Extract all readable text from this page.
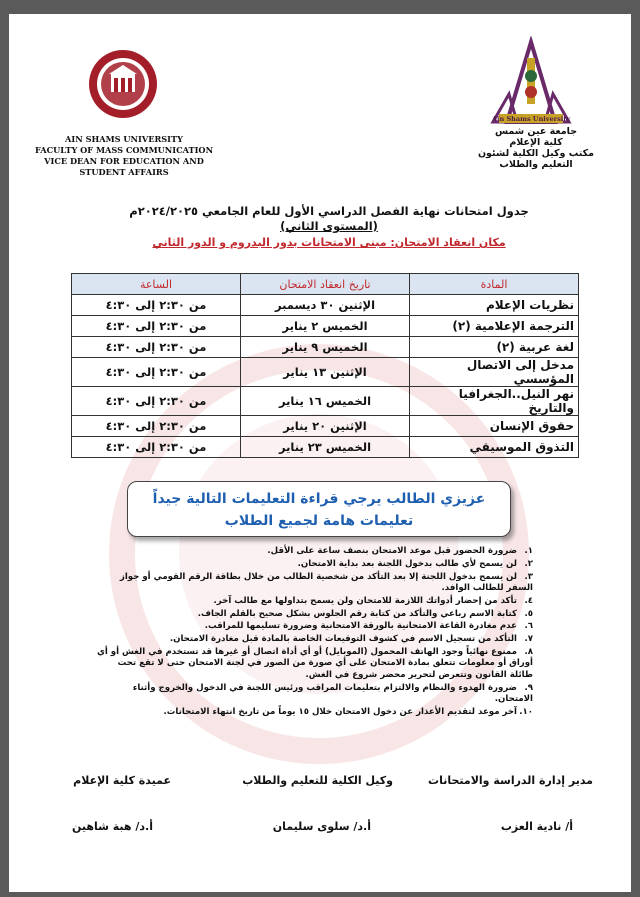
Ain Shams University
AIN SHAMS UNIVERSITY
FACULTY OF MASS COMMUNICATION
VICE DEAN FOR EDUCATION AND
STUDENT AFFAIRS
جامعة عين شمس
كلية الإعلام
مكتب وكيل الكلية لشئون
التعليم والطلاب
جدول امتحانات نهاية الفصل الدراسي الأول للعام الجامعي ٢٠٢٤/٢٠٢٥م
(المستوى الثاني)
مكان انعقاد الامتحان: مبنى الامتحانات بدور البدروم و الدور الثاني
المادة	تاريخ انعقاد الامتحان	الساعة
نظريات الإعلام	الإثنين ٣٠ ديسمبر	من ٢:٣٠ إلى ٤:٣٠
الترجمة الإعلامية (٢)	الخميس ٢ يناير	من ٢:٣٠ إلى ٤:٣٠
لغة عربية (٢)	الخميس ٩ يناير	من ٢:٣٠ إلى ٤:٣٠
مدخل إلى الاتصال المؤسسي	الإثنين ١٣ يناير	من ٢:٣٠ إلى ٤:٣٠
نهر النيل..الجغرافيا والتاريخ	الخميس ١٦ يناير	من ٢:٣٠ إلى ٤:٣٠
حقوق الإنسان	الإثنين ٢٠ يناير	من ٢:٣٠ إلى ٤:٣٠
التذوق الموسيقي	الخميس ٢٣ يناير	من ٢:٣٠ إلى ٤:٣٠
عزيزي الطالب يرجي قراءة التعليمات التالية جيداً
تعليمات هامة لجميع الطلاب
١.ضرورة الحضور قبل موعد الامتحان بنصف ساعة على الأقل.
٢.لن يسمح لأي طالب بدخول اللجنة بعد بداية الامتحان.
٣.لن يسمح بدخول اللجنة إلا بعد التأكد من شخصية الطالب من خلال بطاقة الرقم القومي أو جواز السفر للطالب الوافد.
٤.تأكد من إحضار أدواتك اللازمة للامتحان ولن يسمح بتداولها مع طالب آخر.
٥.كتابة الاسم رباعي والتأكد من كتابة رقم الجلوس بشكل صحيح بالقلم الجاف.
٦.عدم مغادرة القاعة الامتحانية بالورقة الامتحانية وضرورة تسليمها للمراقب.
٧.التأكد من تسجيل الاسم في كشوف التوقيعات الخاصة بالمادة قبل مغادرة الامتحان.
٨.ممنوع نهائياً وجود الهاتف المحمول (الموبايل) أو أي أداة اتصال أو غيرها قد تستخدم في الغش أو أي أوراق أو معلومات تتعلق بمادة الامتحان على أي صورة من الصور في لجنة الامتحان حتى لا تقع تحت طائلة القانون وتتعرض لتحرير محضر شروع في الغش.
٩.ضرورة الهدوء والنظام والالتزام بتعليمات المراقب ورئيس اللجنة في الدخول والخروج وأثناء الامتحان.
١٠.آخر موعد لتقديم الأعذار عن دخول الامتحان خلال ١٥ يوماً من تاريخ انتهاء الامتحانات.
مدير إدارة الدراسة والامتحانات
وكيل الكلية للتعليم والطلاب
عميدة كلية الإعلام
أ/ نادية العزب
أ.د/ سلوى سليمان
أ.د/ هبة شاهين
